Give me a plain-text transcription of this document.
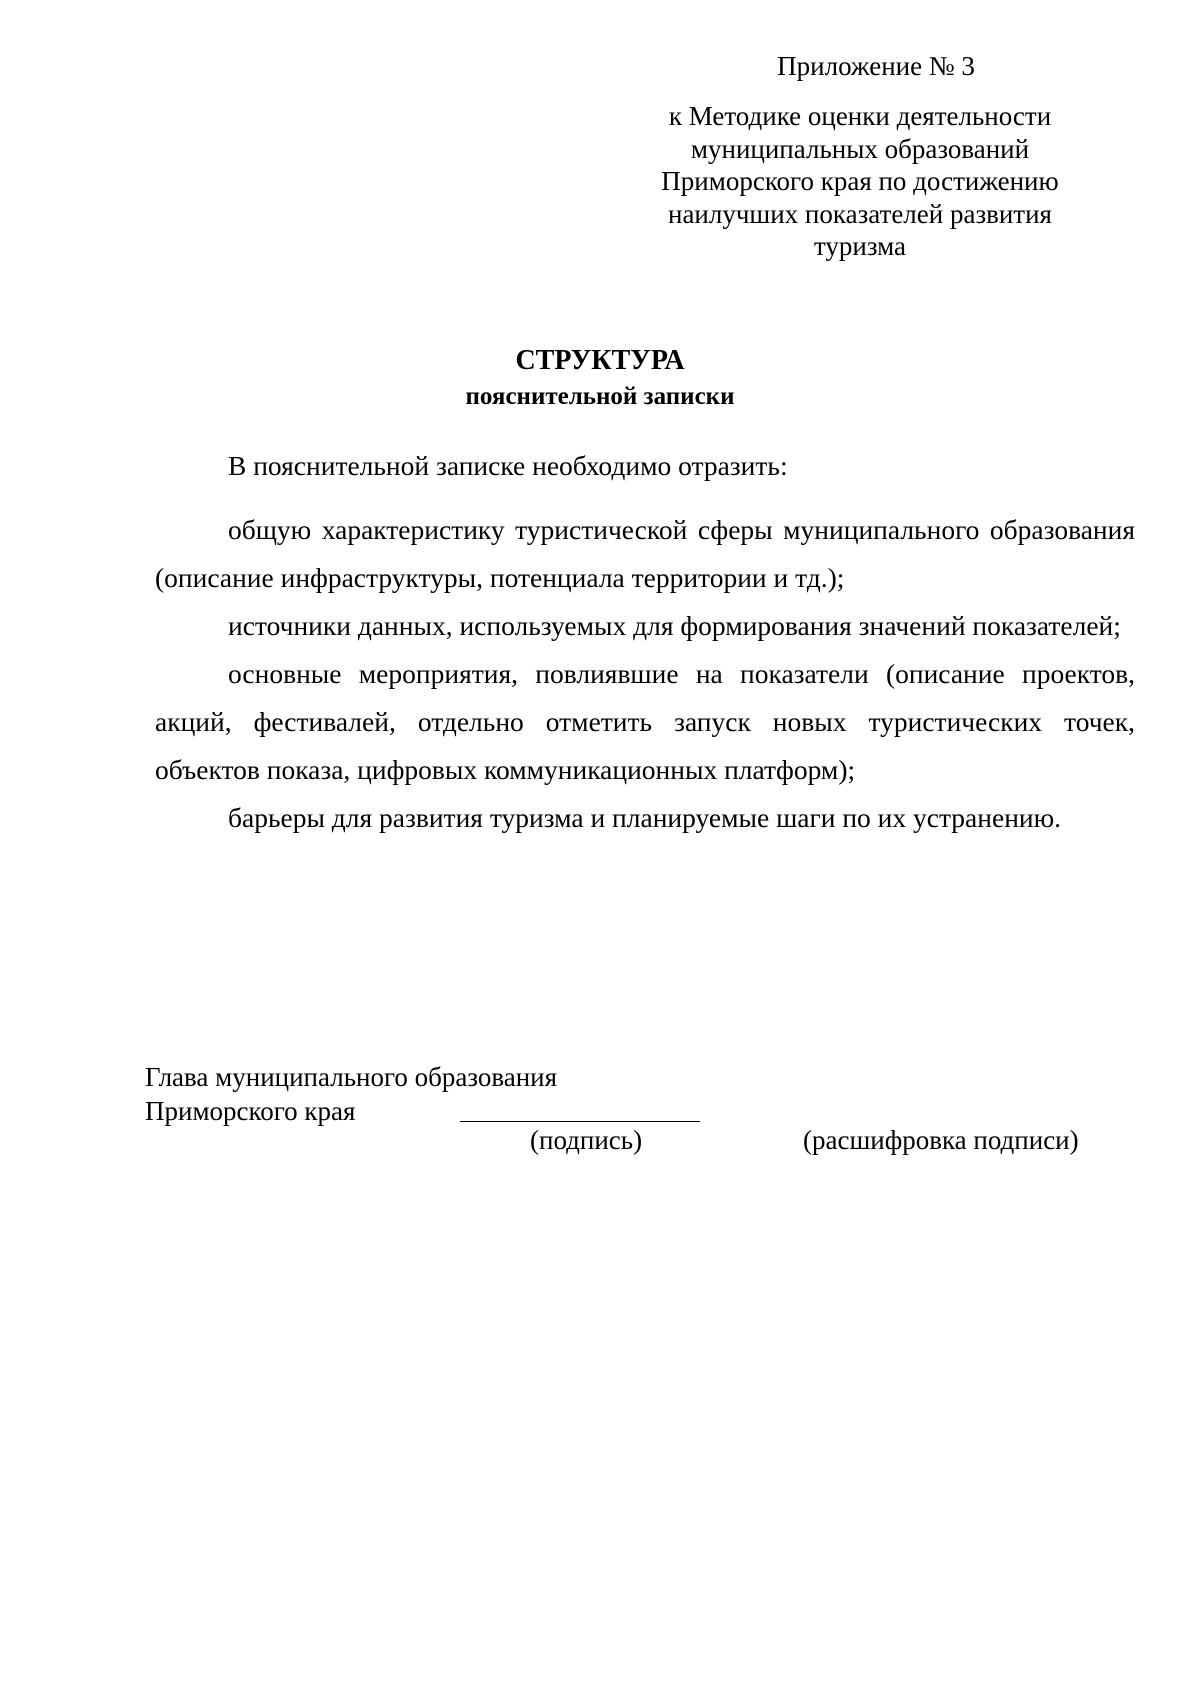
Приложение № 3
к Методике оценки деятельности
муниципальных образований
Приморского края по достижению
наилучших показателей развития
туризма
СТРУКТУРА
пояснительной записки

В пояснительной записке необходимо отразить:

общую характеристику туристической сферы муниципального образования (описание инфраструктуры, потенциала территории и тд.);

источники данных, используемых для формирования значений показателей;

основные мероприятия, повлиявшие на показатели (описание проектов, акций, фестивалей, отдельно отметить запуск новых туристических точек, объектов показа, цифровых коммуникационных платформ);

барьеры для развития туризма и планируемые шаги по их устранению.

Глава муниципального образования
Приморского края
(подпись)	(расшифровка подписи)
